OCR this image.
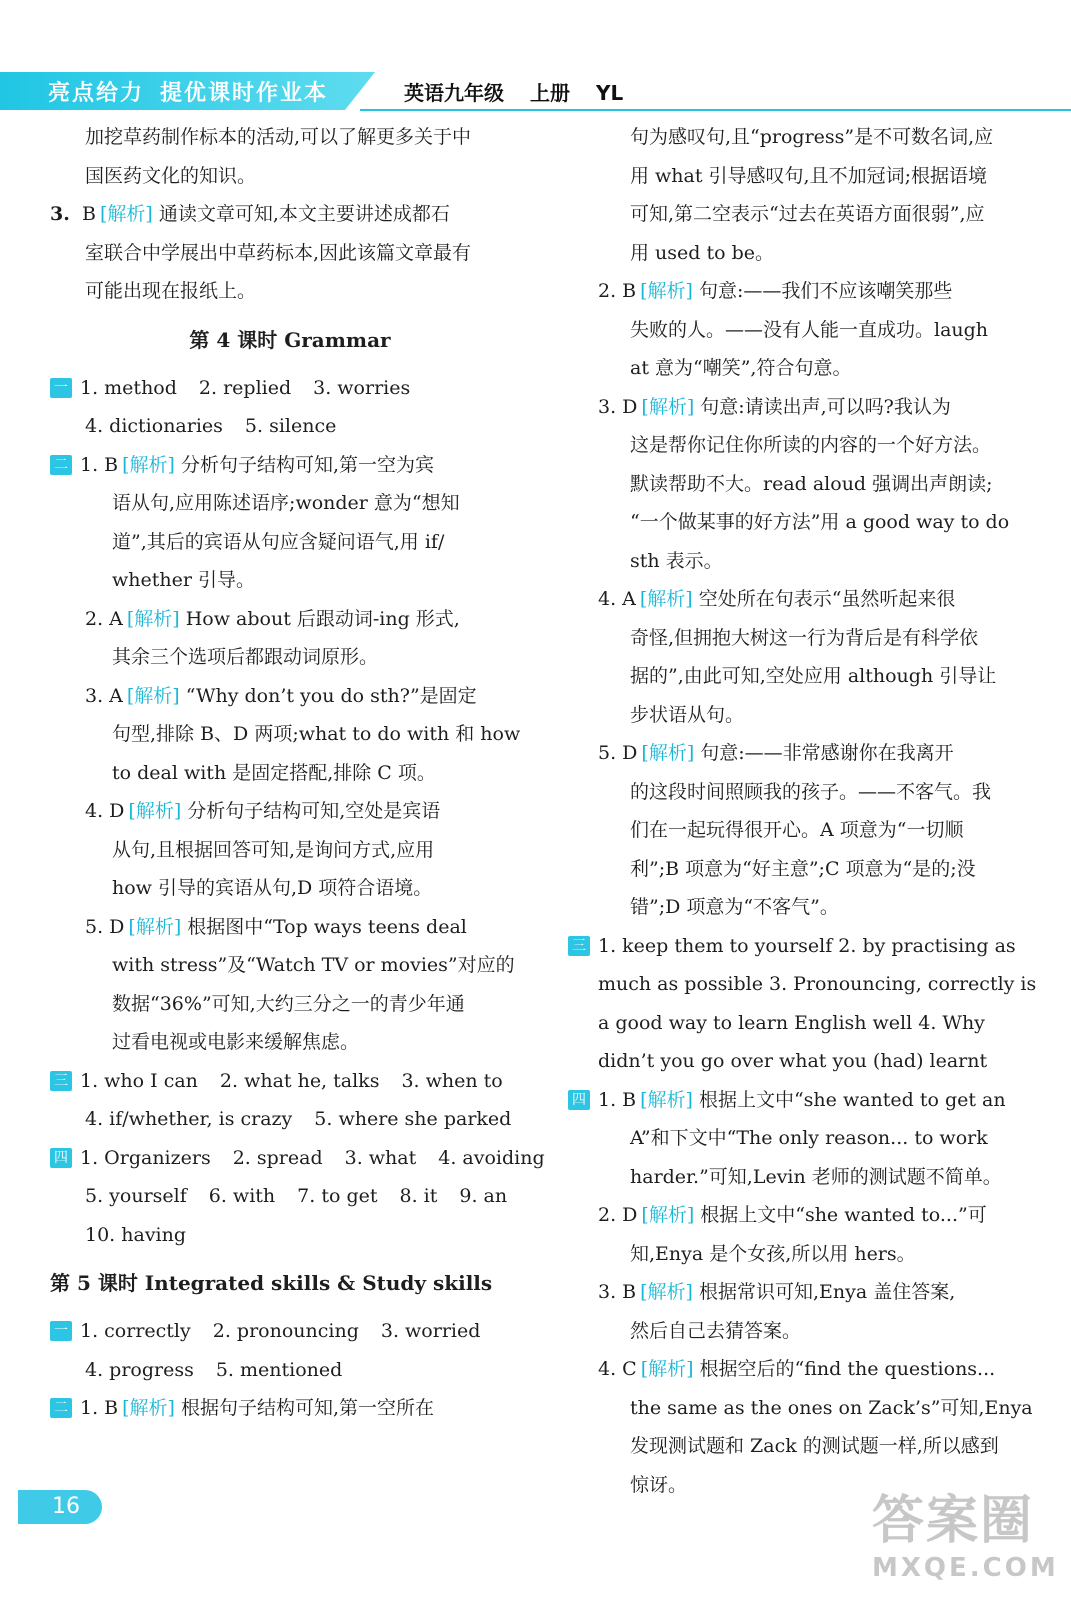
亮点给力 提优课时作业本	英语九年级 上册 YL
加挖草药制作标本的活动,可以了解更多关于中
国医药文化的知识。
3. B [解析] 通读文章可知,本文主要讲述成都石
室联合中学展出中草药标本,因此该篇文章最有
可能出现在报纸上。
第 4 课时 Grammar
一 1. method 2. replied 3. worries
4. dictionaries 5. silence
二 1. B [解析] 分析句子结构可知,第一空为宾
语从句,应用陈述语序;wonder 意为“想知
道”,其后的宾语从句应含疑问语气,用 if/
whether 引导。
2. A [解析] How about 后跟动词-ing 形式,
其余三个选项后都跟动词原形。
3. A [解析] “Why don’t you do sth?”是固定
句型,排除 B、D 两项;what to do with 和 how
to deal with 是固定搭配,排除 C 项。
4. D [解析] 分析句子结构可知,空处是宾语
从句,且根据回答可知,是询问方式,应用
how 引导的宾语从句,D 项符合语境。
5. D [解析] 根据图中“Top ways teens deal
with stress”及“Watch TV or movies”对应的
数据“36%”可知,大约三分之一的青少年通
过看电视或电影来缓解焦虑。
三 1. who I can 2. what he, talks 3. when to
4. if/whether, is crazy 5. where she parked
四 1. Organizers 2. spread 3. what 4. avoiding
5. yourself 6. with 7. to get 8. it 9. an
10. having
第 5 课时 Integrated skills & Study skills
一 1. correctly 2. pronouncing 3. worried
4. progress 5. mentioned
二 1. B [解析] 根据句子结构可知,第一空所在
句为感叹句,且“progress”是不可数名词,应
用 what 引导感叹句,且不加冠词;根据语境
可知,第二空表示“过去在英语方面很弱”,应
用 used to be。
2. B [解析] 句意:——我们不应该嘲笑那些
失败的人。——没有人能一直成功。laugh
at 意为“嘲笑”,符合句意。
3. D [解析] 句意:请读出声,可以吗?我认为
这是帮你记住你所读的内容的一个好方法。
默读帮助不大。read aloud 强调出声朗读;
“一个做某事的好方法”用 a good way to do
sth 表示。
4. A [解析] 空处所在句表示“虽然听起来很
奇怪,但拥抱大树这一行为背后是有科学依
据的”,由此可知,空处应用 although 引导让
步状语从句。
5. D [解析] 句意:——非常感谢你在我离开
的这段时间照顾我的孩子。——不客气。我
们在一起玩得很开心。A 项意为“一切顺
利”;B 项意为“好主意”;C 项意为“是的;没
错”;D 项意为“不客气”。
三 1. keep them to yourself 2. by practising as
much as possible 3. Pronouncing, correctly is
a good way to learn English well 4. Why
didn’t you go over what you (had) learnt
四 1. B [解析] 根据上文中“she wanted to get an
A”和下文中“The only reason... to work
harder.”可知,Levin 老师的测试题不简单。
2. D [解析] 根据上文中“she wanted to...”可
知,Enya 是个女孩,所以用 hers。
3. B [解析] 根据常识可知,Enya 盖住答案,
然后自己去猜答案。
4. C [解析] 根据空后的“find the questions...
the same as the ones on Zack’s”可知,Enya
发现测试题和 Zack 的测试题一样,所以感到
惊讶。
16	答案圈
MXQE.COM
